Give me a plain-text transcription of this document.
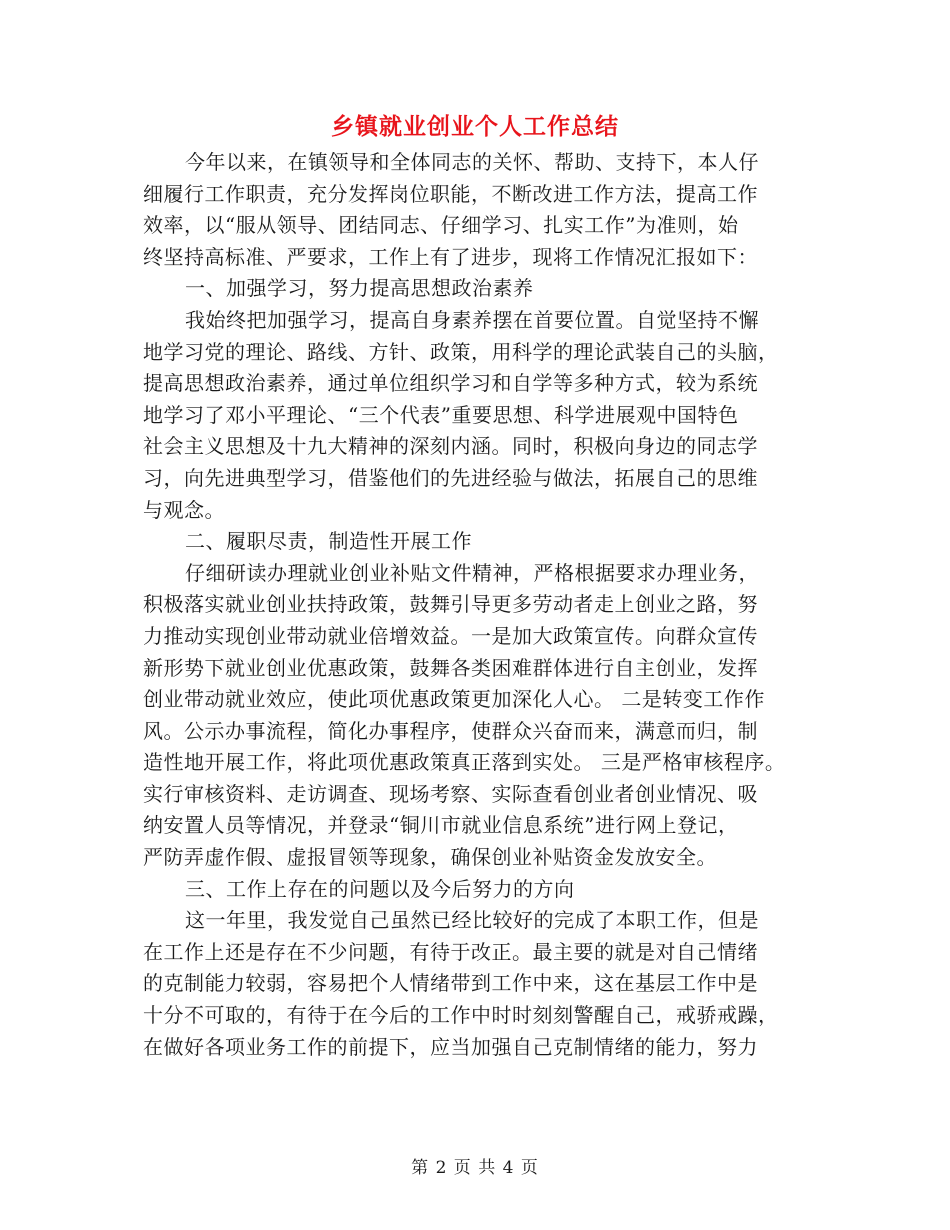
乡镇就业创业个人工作总结
今年以来，在镇领导和全体同志的关怀、帮助、支持下，本人仔
细履行工作职责，充分发挥岗位职能，不断改进工作方法，提高工作
效率，以“服从领导、团结同志、仔细学习、扎实工作”为准则，始
终坚持高标准、严要求，工作上有了进步，现将工作情况汇报如下：
一、加强学习，努力提高思想政治素养
我始终把加强学习，提高自身素养摆在首要位置。自觉坚持不懈
地学习党的理论、路线、方针、政策，用科学的理论武装自己的头脑，
提高思想政治素养，通过单位组织学习和自学等多种方式，较为系统
地学习了邓小平理论、“三个代表”重要思想、科学进展观中国特色
社会主义思想及十九大精神的深刻内涵。同时，积极向身边的同志学
习，向先进典型学习，借鉴他们的先进经验与做法，拓展自己的思维
与观念。
二、履职尽责，制造性开展工作
仔细研读办理就业创业补贴文件精神，严格根据要求办理业务，
积极落实就业创业扶持政策，鼓舞引导更多劳动者走上创业之路，努
力推动实现创业带动就业倍增效益。一是加大政策宣传。向群众宣传
新形势下就业创业优惠政策，鼓舞各类困难群体进行自主创业，发挥
创业带动就业效应，使此项优惠政策更加深化人心。 二是转变工作作
风。公示办事流程，简化办事程序，使群众兴奋而来，满意而归，制
造性地开展工作，将此项优惠政策真正落到实处。 三是严格审核程序。
实行审核资料、走访调查、现场考察、实际查看创业者创业情况、吸
纳安置人员等情况，并登录“铜川市就业信息系统”进行网上登记，
严防弄虚作假、虚报冒领等现象，确保创业补贴资金发放安全。
三、工作上存在的问题以及今后努力的方向
这一年里，我发觉自己虽然已经比较好的完成了本职工作，但是
在工作上还是存在不少问题，有待于改正。最主要的就是对自己情绪
的克制能力较弱，容易把个人情绪带到工作中来，这在基层工作中是
十分不可取的，有待于在今后的工作中时时刻刻警醒自己，戒骄戒躁，
在做好各项业务工作的前提下，应当加强自己克制情绪的能力，努力
第 2 页 共 4 页
